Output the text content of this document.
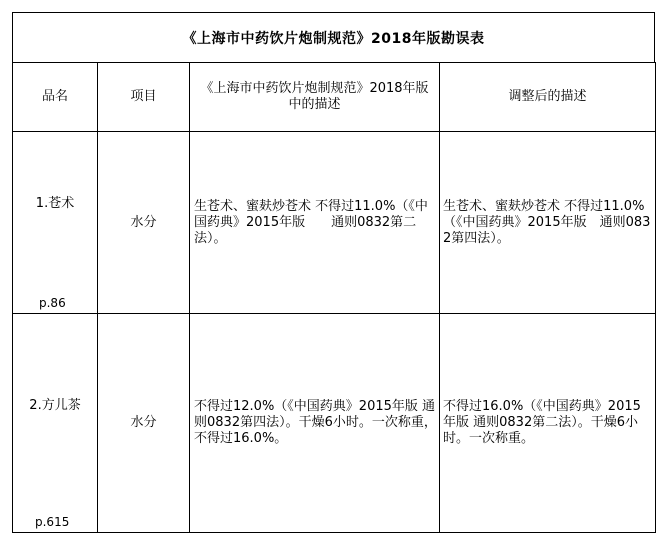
《上海市中药饮片炮制规范》2018年版勘误表
品名	项目	《上海市中药饮片炮制规范》2018年版中的描述	调整后的描述

1.苍术
p.86	水分	生苍术、蜜麸炒苍术 不得过11.0%（《中国药典》2015年版　　通则0832第二法）。	生苍术、蜜麸炒苍术 不得过11.0%（《中国药典》2015年版　通则0832第四法）。

2.方儿茶
p.615	水分	不得过12.0%（《中国药典》2015年版 通则0832第四法）。干燥6小时。一次称重，不得过16.0%。	不得过16.0%（《中国药典》2015年版 通则0832第二法）。干燥6小时。一次称重。
